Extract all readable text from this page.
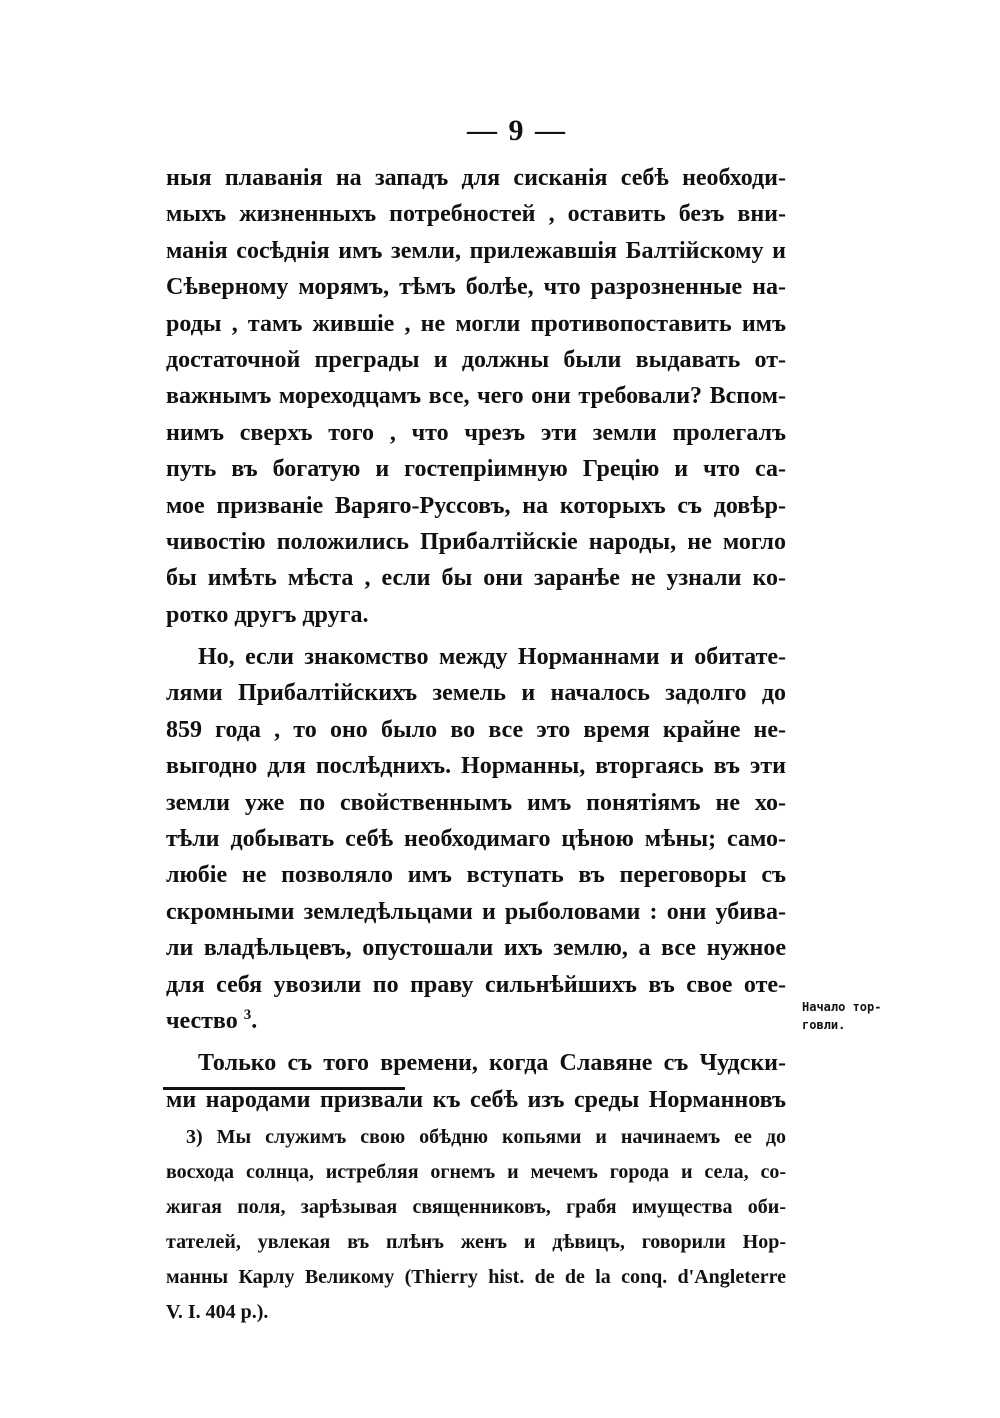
— 9 —
ныя плаванія на западъ для сисканія себѣ необходи-
мыхъ жизненныхъ потребностей , оставить безъ вни-
манія сосѣднія имъ земли, прилежавшія Балтійскому и
Сѣверному морямъ, тѣмъ болѣе, что разрозненные на-
роды , тамъ жившіе , не могли противопоставить имъ
достаточной преграды и должны были выдавать от-
важнымъ мореходцамъ все, чего они требовали? Вспом-
нимъ сверхъ того , что чрезъ эти земли пролегалъ
путь въ богатую и гостепріимную Грецію и что са-
мое призваніе Варяго-Руссовъ, на которыхъ съ довѣр-
чивостію положились Прибалтійскіе народы, не могло
бы имѣть мѣста , если бы они заранѣе не узнали ко-
ротко другъ друга.
Но, если знакомство между Норманнами и обитате-
лями Прибалтійскихъ земель и началось задолго до
859 года , то оно было во все это время крайне не-
выгодно для послѣднихъ. Норманны, вторгаясь въ эти
земли уже по свойственнымъ имъ понятіямъ не хо-
тѣли добывать себѣ необходимаго цѣною мѣны; само-
любіе не позволяло имъ вступать въ переговоры съ
скромными земледѣльцами и рыболовами : они убива-
ли владѣльцевъ, опустошали ихъ землю, а все нужное
для себя увозили по праву сильнѣйшихъ въ свое оте-
чество $^3$.
Только съ того времени, когда Славяне съ Чудски-
ми народами призвали къ себѣ изъ среды Норманновъ
Начало тор-
говли.
3) Мы служимъ свою обѣдню копьями и начинаемъ ее до
восхода солнца, истребляя огнемъ и мечемъ города и села, со-
жигая поля, зарѣзывая священниковъ, грабя имущества оби-
тателей, увлекая въ плѣнъ женъ и дѣвицъ, говорили Нор-
манны Карлу Великому (Thierry hist. de de la conq. d'Angleterre
V. I. 404 p.).
